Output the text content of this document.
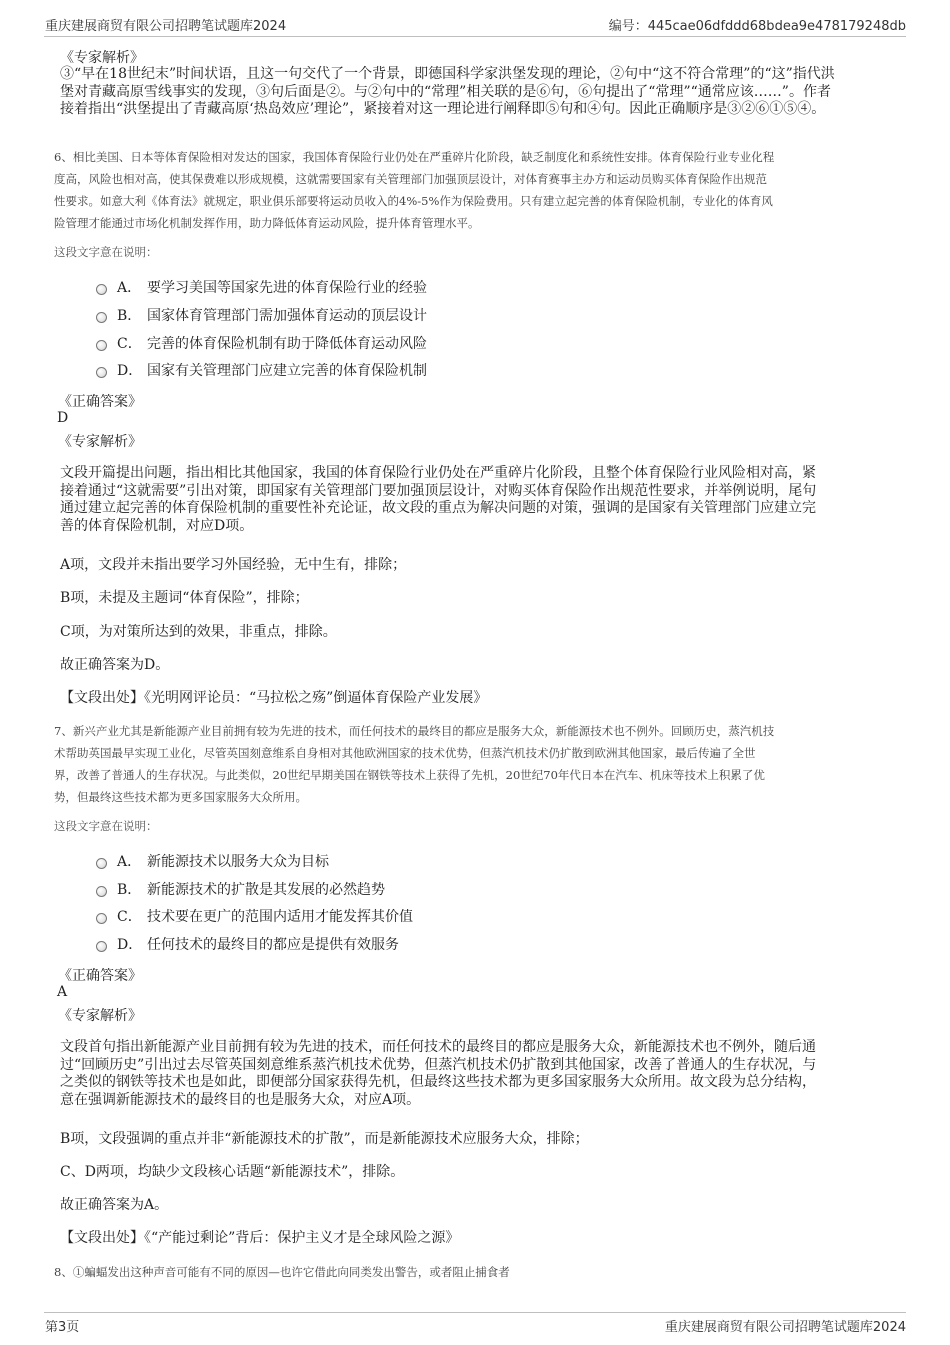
重庆建展商贸有限公司招聘笔试题库2024	编号：445cae06dfddd68bdea9e478179248db
《专家解析》
③“早在18世纪末”时间状语，且这一句交代了一个背景，即德国科学家洪堡发现的理论，②句中“这不符合常理”的“这”指代洪
堡对青藏高原雪线事实的发现，③句后面是②。与②句中的“常理”相关联的是⑥句，⑥句提出了“常理”“通常应该……”。作者
接着指出“洪堡提出了青藏高原‘热岛效应’理论”，紧接着对这一理论进行阐释即⑤句和④句。因此正确顺序是③②⑥①⑤④。
6、相比美国、日本等体育保险相对发达的国家，我国体育保险行业仍处在严重碎片化阶段，缺乏制度化和系统性安排。体育保险行业专业化程
度高，风险也相对高，使其保费难以形成规模，这就需要国家有关管理部门加强顶层设计，对体育赛事主办方和运动员购买体育保险作出规范
性要求。如意大利《体育法》就规定，职业俱乐部要将运动员收入的4%-5%作为保险费用。只有建立起完善的体育保险机制，专业化的体育风
险管理才能通过市场化机制发挥作用，助力降低体育运动风险，提升体育管理水平。
这段文字意在说明：
A． 要学习美国等国家先进的体育保险行业的经验
B． 国家体育管理部门需加强体育运动的顶层设计
C． 完善的体育保险机制有助于降低体育运动风险
D． 国家有关管理部门应建立完善的体育保险机制
《正确答案》
D
《专家解析》
文段开篇提出问题，指出相比其他国家，我国的体育保险行业仍处在严重碎片化阶段，且整个体育保险行业风险相对高，紧
接着通过“这就需要”引出对策，即国家有关管理部门要加强顶层设计，对购买体育保险作出规范性要求，并举例说明，尾句
通过建立起完善的体育保险机制的重要性补充论证，故文段的重点为解决问题的对策，强调的是国家有关管理部门应建立完
善的体育保险机制，对应D项。
A项，文段并未指出要学习外国经验，无中生有，排除；
B项，未提及主题词“体育保险”，排除；
C项，为对策所达到的效果，非重点，排除。
故正确答案为D。
【文段出处】《光明网评论员：“马拉松之殇”倒逼体育保险产业发展》
7、新兴产业尤其是新能源产业目前拥有较为先进的技术，而任何技术的最终目的都应是服务大众，新能源技术也不例外。回顾历史，蒸汽机技
术帮助英国最早实现工业化，尽管英国刻意维系自身相对其他欧洲国家的技术优势，但蒸汽机技术仍扩散到欧洲其他国家，最后传遍了全世
界，改善了普通人的生存状况。与此类似，20世纪早期美国在钢铁等技术上获得了先机，20世纪70年代日本在汽车、机床等技术上积累了优
势，但最终这些技术都为更多国家服务大众所用。
这段文字意在说明：
A． 新能源技术以服务大众为目标
B． 新能源技术的扩散是其发展的必然趋势
C． 技术要在更广的范围内适用才能发挥其价值
D． 任何技术的最终目的都应是提供有效服务
《正确答案》
A
《专家解析》
文段首句指出新能源产业目前拥有较为先进的技术，而任何技术的最终目的都应是服务大众，新能源技术也不例外，随后通
过“回顾历史”引出过去尽管英国刻意维系蒸汽机技术优势，但蒸汽机技术仍扩散到其他国家，改善了普通人的生存状况，与
之类似的钢铁等技术也是如此，即便部分国家获得先机，但最终这些技术都为更多国家服务大众所用。故文段为总分结构，
意在强调新能源技术的最终目的也是服务大众，对应A项。
B项，文段强调的重点并非“新能源技术的扩散”，而是新能源技术应服务大众，排除；
C、D两项，均缺少文段核心话题“新能源技术”，排除。
故正确答案为A。
【文段出处】《“产能过剩论”背后：保护主义才是全球风险之源》
8、①蝙蝠发出这种声音可能有不同的原因—也许它借此向同类发出警告，或者阻止捕食者
第3页	重庆建展商贸有限公司招聘笔试题库2024
